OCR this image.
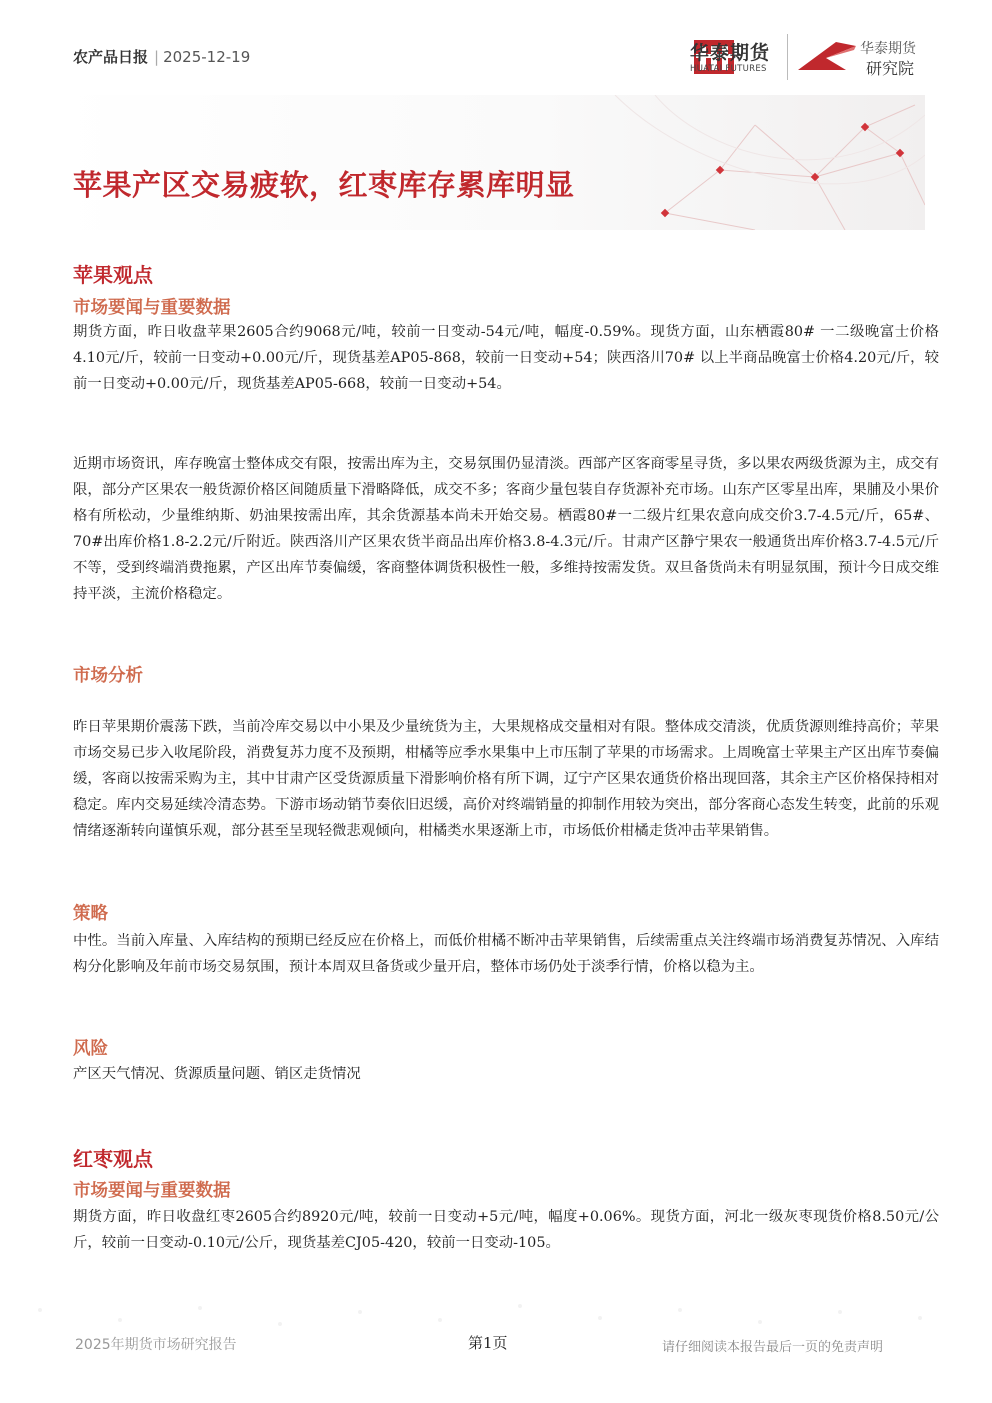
农产品日报 | 2025-12-19	华泰期货
HUATAI FUTURES
华泰期货
研究院
苹果产区交易疲软，红枣库存累库明显
苹果观点
市场要闻与重要数据
期货方面，昨日收盘苹果2605合约9068元/吨，较前一日变动-54元/吨，幅度-0.59%。现货方面，山东栖霞80# 一二级晚富士价格4.10元/斤，较前一日变动+0.00元/斤，现货基差AP05-868，较前一日变动+54；陕西洛川70# 以上半商品晚富士价格4.20元/斤，较前一日变动+0.00元/斤，现货基差AP05-668，较前一日变动+54。
近期市场资讯，库存晚富士整体成交有限，按需出库为主，交易氛围仍显清淡。西部产区客商零星寻货，多以果农两级货源为主，成交有限，部分产区果农一般货源价格区间随质量下滑略降低，成交不多；客商少量包装自存货源补充市场。山东产区零星出库，果脯及小果价格有所松动，少量维纳斯、奶油果按需出库，其余货源基本尚未开始交易。栖霞80#一二级片红果农意向成交价3.7-4.5元/斤，65#、70#出库价格1.8-2.2元/斤附近。陕西洛川产区果农货半商品出库价格3.8-4.3元/斤。甘肃产区静宁果农一般通货出库价格3.7-4.5元/斤不等，受到终端消费拖累，产区出库节奏偏缓，客商整体调货积极性一般，多维持按需发货。双旦备货尚未有明显氛围，预计今日成交维持平淡，主流价格稳定。
市场分析
昨日苹果期价震荡下跌，当前冷库交易以中小果及少量统货为主，大果规格成交量相对有限。整体成交清淡，优质货源则维持高价；苹果市场交易已步入收尾阶段，消费复苏力度不及预期，柑橘等应季水果集中上市压制了苹果的市场需求。上周晚富士苹果主产区出库节奏偏缓，客商以按需采购为主，其中甘肃产区受货源质量下滑影响价格有所下调，辽宁产区果农通货价格出现回落，其余主产区价格保持相对稳定。库内交易延续冷清态势。下游市场动销节奏依旧迟缓，高价对终端销量的抑制作用较为突出，部分客商心态发生转变，此前的乐观情绪逐渐转向谨慎乐观，部分甚至呈现轻微悲观倾向，柑橘类水果逐渐上市，市场低价柑橘走货冲击苹果销售。
策略
中性。当前入库量、入库结构的预期已经反应在价格上，而低价柑橘不断冲击苹果销售，后续需重点关注终端市场消费复苏情况、入库结构分化影响及年前市场交易氛围，预计本周双旦备货或少量开启，整体市场仍处于淡季行情，价格以稳为主。
风险
产区天气情况、货源质量问题、销区走货情况
红枣观点
市场要闻与重要数据
期货方面，昨日收盘红枣2605合约8920元/吨，较前一日变动+5元/吨，幅度+0.06%。现货方面，河北一级灰枣现货价格8.50元/公斤，较前一日变动-0.10元/公斤，现货基差CJ05-420，较前一日变动-105。
2025年期货市场研究报告	第1页	请仔细阅读本报告最后一页的免责声明
